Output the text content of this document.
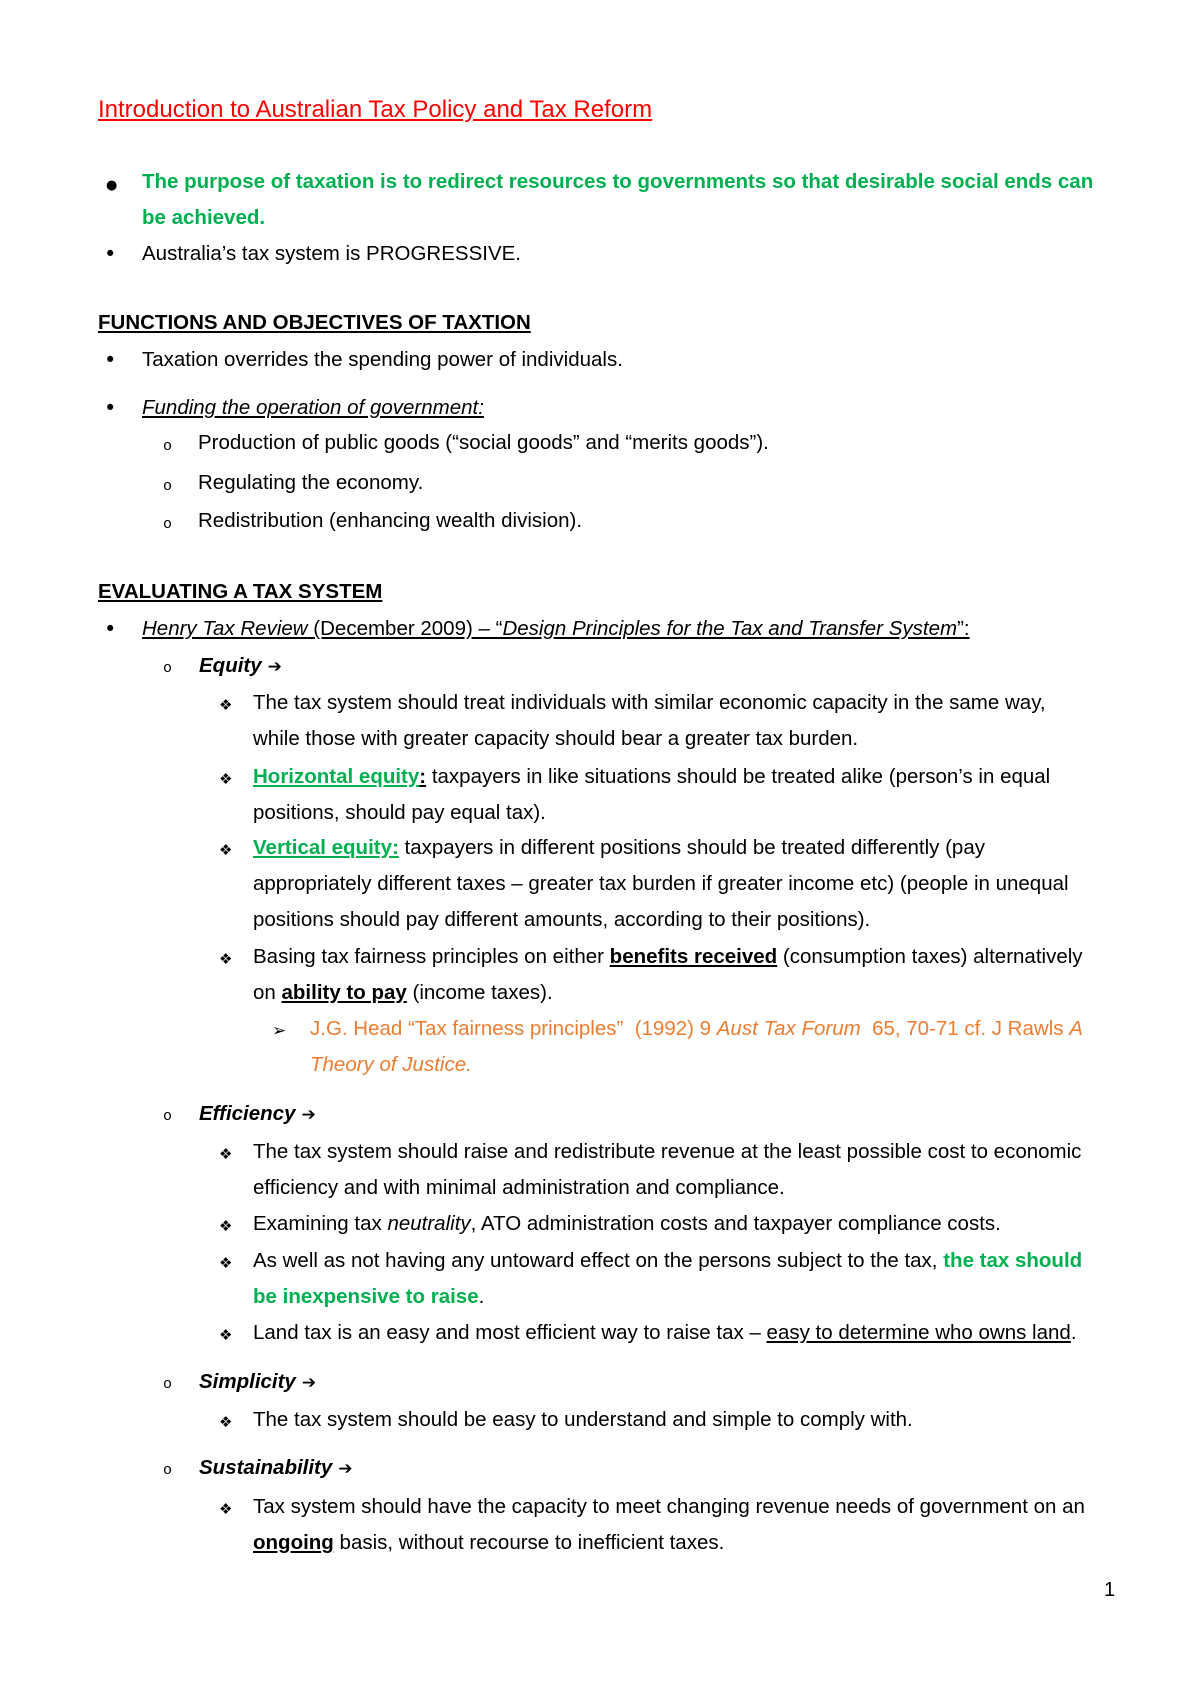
Introduction to Australian Tax Policy and Tax Reform
●
The purpose of taxation is to redirect resources to governments so that desirable social ends can
be achieved.
•
Australia’s tax system is PROGRESSIVE.
FUNCTIONS AND OBJECTIVES OF TAXTION
•
Taxation overrides the spending power of individuals.
•
Funding the operation of government:
o
Production of public goods (“social goods” and “merits goods”).
o
Regulating the economy.
o
Redistribution (enhancing wealth division).
EVALUATING A TAX SYSTEM
•
Henry Tax Review (December 2009) – “Design Principles for the Tax and Transfer System”:
o
Equity➔
❖
The tax system should treat individuals with similar economic capacity in the same way,
while those with greater capacity should bear a greater tax burden.
❖
Horizontal equity: taxpayers in like situations should be treated alike (person’s in equal
positions, should pay equal tax).
❖
Vertical equity: taxpayers in different positions should be treated differently (pay
appropriately different taxes – greater tax burden if greater income etc) (people in unequal
positions should pay different amounts, according to their positions).
❖
Basing tax fairness principles on either benefits received (consumption taxes) alternatively
on ability to pay (income taxes).
➢
J.G. Head “Tax fairness principles”  (1992) 9 Aust Tax Forum  65, 70-71 cf. J Rawls A
Theory of Justice.
o
Efficiency➔
❖
The tax system should raise and redistribute revenue at the least possible cost to economic
efficiency and with minimal administration and compliance.
❖
Examining tax neutrality, ATO administration costs and taxpayer compliance costs.
❖
As well as not having any untoward effect on the persons subject to the tax, the tax should
be inexpensive to raise.
❖
Land tax is an easy and most efficient way to raise tax – easy to determine who owns land.
o
Simplicity➔
❖
The tax system should be easy to understand and simple to comply with.
o
Sustainability➔
❖
Tax system should have the capacity to meet changing revenue needs of government on an
ongoing basis, without recourse to inefficient taxes.
1
